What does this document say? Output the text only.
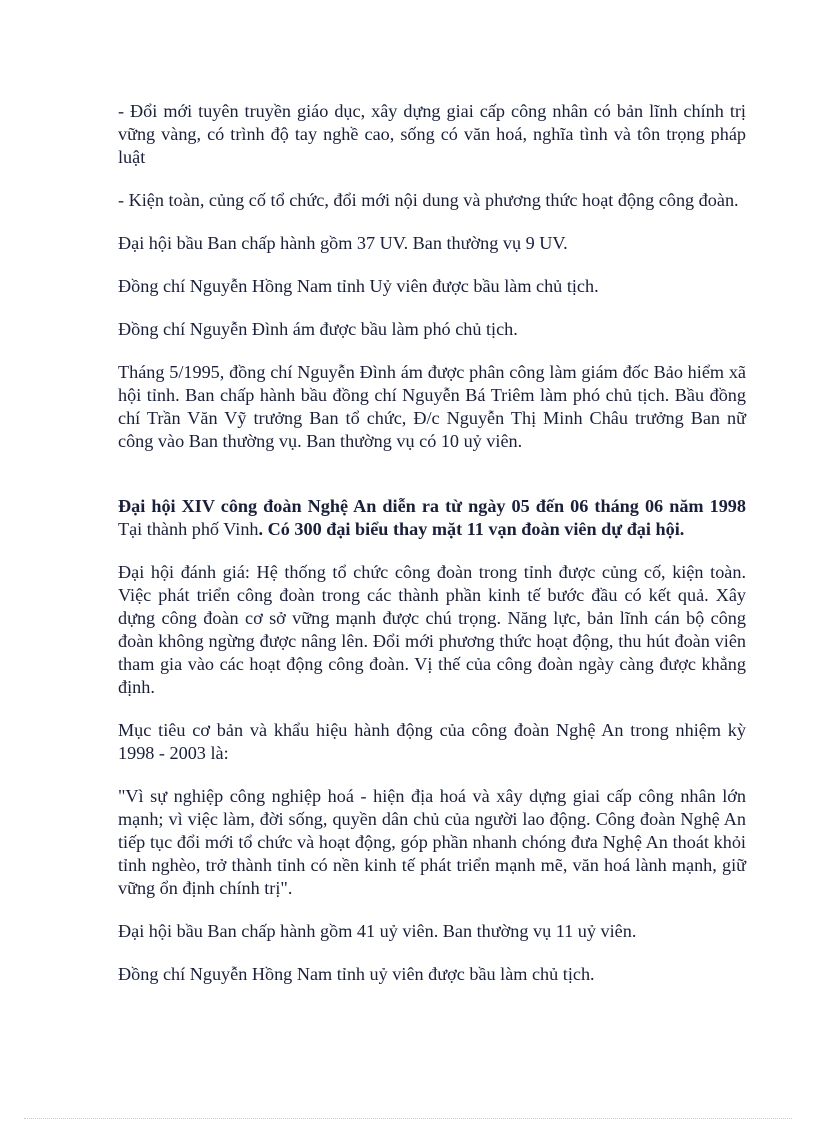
- Đổi mới tuyên truyền giáo dục, xây dựng giai cấp công nhân có bản lĩnh chính trị vững vàng, có trình độ tay nghề cao, sống có văn hoá, nghĩa tình và tôn trọng pháp luật

- Kiện toàn, củng cố tổ chức, đổi mới nội dung và phương thức hoạt động công đoàn.

Đại hội bầu Ban chấp hành gồm 37 UV. Ban thường vụ 9 UV.

Đồng chí Nguyễn Hồng Nam tỉnh Uỷ viên được bầu làm chủ tịch.

Đồng chí Nguyễn Đình ám được bầu làm phó chủ tịch.

Tháng 5/1995, đồng chí Nguyễn Đình ám được phân công làm giám đốc Bảo hiểm xã hội tỉnh. Ban chấp hành bầu đồng chí Nguyễn Bá Triêm làm phó chủ tịch. Bầu đồng chí Trần Văn Vỹ trưởng Ban tổ chức, Đ/c Nguyễn Thị Minh Châu trưởng Ban nữ công vào Ban thường vụ. Ban thường vụ có 10 uỷ viên.

Đại hội XIV công đoàn Nghệ An diễn ra từ ngày 05 đến 06 tháng 06 năm 1998 Tại thành phố Vinh. Có 300 đại biểu thay mặt 11 vạn đoàn viên dự đại hội.

Đại hội đánh giá: Hệ thống tổ chức công đoàn trong tỉnh được củng cố, kiện toàn. Việc phát triển công đoàn trong các thành phần kinh tế bước đầu có kết quả. Xây dựng công đoàn cơ sở vững mạnh được chú trọng. Năng lực, bản lĩnh cán bộ công đoàn không ngừng được nâng lên. Đổi mới phương thức hoạt động, thu hút đoàn viên tham gia vào các hoạt động công đoàn. Vị thế của công đoàn ngày càng được khẳng định.

Mục tiêu cơ bản và khẩu hiệu hành động của công đoàn Nghệ An trong nhiệm kỳ 1998 - 2003 là:

"Vì sự nghiệp công nghiệp hoá - hiện địa hoá và xây dựng giai cấp công nhân lớn mạnh; vì việc làm, đời sống, quyền dân chủ của người lao động. Công đoàn Nghệ An tiếp tục đổi mới tổ chức và hoạt động, góp phần nhanh chóng đưa Nghệ An thoát khỏi tỉnh nghèo, trở thành tỉnh có nền kinh tế phát triển mạnh mẽ, văn hoá lành mạnh, giữ vững ổn định chính trị".

Đại hội bầu Ban chấp hành gồm 41 uỷ viên. Ban thường vụ 11 uỷ viên.

Đồng chí Nguyễn Hồng Nam tỉnh uỷ viên được bầu làm chủ tịch.
